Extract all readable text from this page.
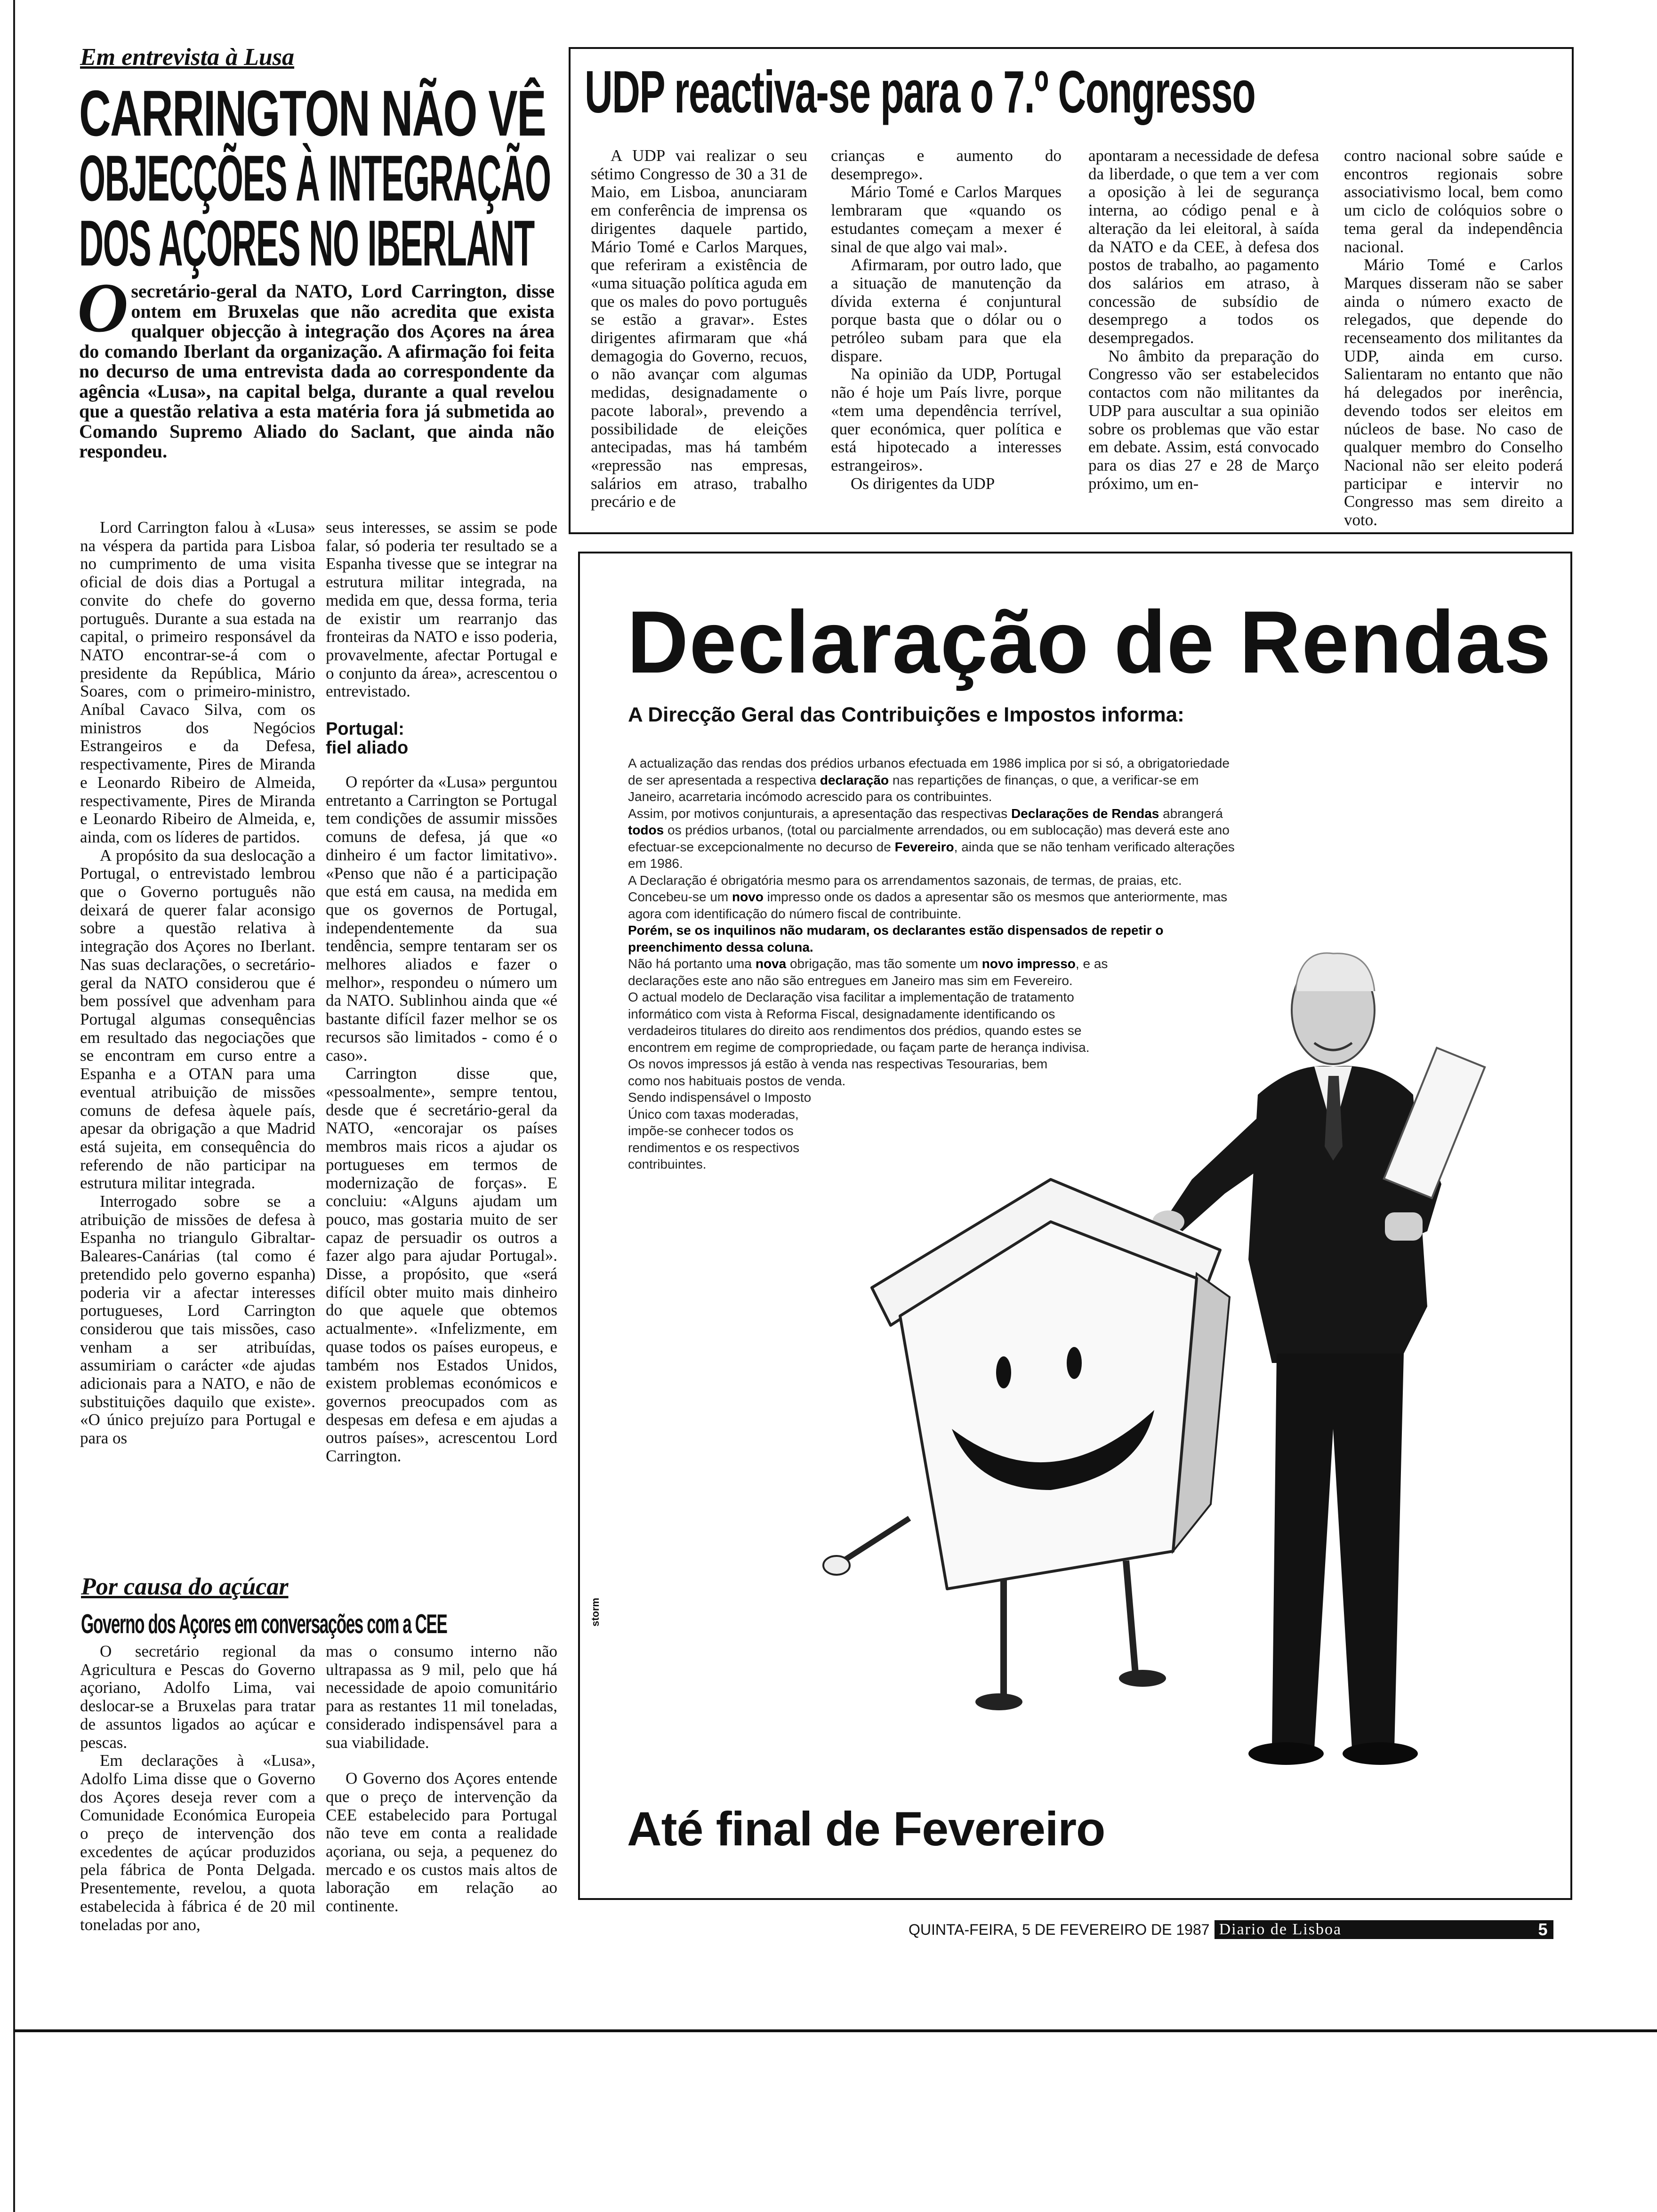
Em entrevista à Lusa
CARRINGTON NÃO VÊ
OBJECÇÕES À INTEGRAÇÃO
DOS AÇORES NO IBERLANT
O secretário-geral da NATO, Lord Carrington, disse ontem em Bruxelas que não acredita que exista qualquer objecção à integração dos Açores na área do comando Iberlant da organização. A afirmação foi feita no decurso de uma entrevista dada ao correspondente da agência «Lusa», na capital belga, durante a qual revelou que a questão relativa a esta matéria fora já submetida ao Comando Supremo Aliado do Saclant, que ainda não respondeu.

Lord Carrington falou à «Lusa» na véspera da partida para Lisboa no cumprimento de uma visita oficial de dois dias a Portugal a convite do chefe do governo português. Durante a sua estada na capital, o primeiro responsável da NATO encontrar-se-á com o presidente da República, Mário Soares, com o primeiro-ministro, Aníbal Cavaco Silva, com os ministros dos Negócios Estrangeiros e da Defesa, respectivamente, Pires de Miranda e Leonardo Ribeiro de Almeida, respectivamente, Pires de Miranda e Leonardo Ribeiro de Almeida, e, ainda, com os líderes de partidos.

A propósito da sua deslocação a Portugal, o entrevistado lembrou que o Governo português não deixará de querer falar aconsigo sobre a questão relativa à integração dos Açores no Iberlant. Nas suas declarações, o secretário-geral da NATO considerou que é bem possível que advenham para Portugal algumas consequências em resultado das negociações que se encontram em curso entre a Espanha e a OTAN para uma eventual atribuição de missões comuns de defesa àquele país, apesar da obrigação a que Madrid está sujeita, em consequência do referendo de não participar na estrutura militar integrada.

Interrogado sobre se a atribuição de missões de defesa à Espanha no triangulo Gibraltar-Baleares-Canárias (tal como é pretendido pelo governo espanha) poderia vir a afectar interesses portugueses, Lord Carrington considerou que tais missões, caso venham a ser atribuídas, assumiriam o carácter «de ajudas adicionais para a NATO, e não de substituições daquilo que existe». «O único prejuízo para Portugal e para os

seus interesses, se assim se pode falar, só poderia ter resultado se a Espanha tivesse que se integrar na estrutura militar integrada, na medida em que, dessa forma, teria de existir um rearranjo das fronteiras da NATO e isso poderia, provavelmente, afectar Portugal e o conjunto da área», acrescentou o entrevistado.

Portugal:
fiel aliado

O repórter da «Lusa» perguntou entretanto a Carrington se Portugal tem condições de assumir missões comuns de defesa, já que «o dinheiro é um factor limitativo». «Penso que não é a participação que está em causa, na medida em que os governos de Portugal, independentemente da sua tendência, sempre tentaram ser os melhores aliados e fazer o melhor», respondeu o número um da NATO. Sublinhou ainda que «é bastante difícil fazer melhor se os recursos são limitados - como é o caso».

Carrington disse que, «pessoalmente», sempre tentou, desde que é secretário-geral da NATO, «encorajar os países membros mais ricos a ajudar os portugueses em termos de modernização de forças». E concluiu: «Alguns ajudam um pouco, mas gostaria muito de ser capaz de persuadir os outros a fazer algo para ajudar Portugal». Disse, a propósito, que «será difícil obter muito mais dinheiro do que aquele que obtemos actualmente». «Infelizmente, em quase todos os países europeus, e também nos Estados Unidos, existem problemas económicos e governos preocupados com as despesas em defesa e em ajudas a outros países», acrescentou Lord Carrington.

Por causa do açúcar
Governo dos Açores em conversações com a CEE

O secretário regional da Agricultura e Pescas do Governo açoriano, Adolfo Lima, vai deslocar-se a Bruxelas para tratar de assuntos ligados ao açúcar e pescas.

Em declarações à «Lusa», Adolfo Lima disse que o Governo dos Açores deseja rever com a Comunidade Económica Europeia o preço de intervenção dos excedentes de açúcar produzidos pela fábrica de Ponta Delgada. Presentemente, revelou, a quota estabelecida à fábrica é de 20 mil toneladas por ano,

mas o consumo interno não ultrapassa as 9 mil, pelo que há necessidade de apoio comunitário para as restantes 11 mil toneladas, considerado indispensável para a sua viabilidade.

O Governo dos Açores entende que o preço de intervenção da CEE estabelecido para Portugal não teve em conta a realidade açoriana, ou seja, a pequenez do mercado e os custos mais altos de laboração em relação ao continente.

UDP reactiva-se para o 7.º Congresso

A UDP vai realizar o seu sétimo Congresso de 30 a 31 de Maio, em Lisboa, anunciaram em conferência de imprensa os dirigentes daquele partido, Mário Tomé e Carlos Marques, que referiram a existência de «uma situação política aguda em que os males do povo português se estão a gravar». Estes dirigentes afirmaram que «há demagogia do Governo, recuos, o não avançar com algumas medidas, designadamente o pacote laboral», prevendo a possibilidade de eleições antecipadas, mas há também «repressão nas empresas, salários em atraso, trabalho precário e de

crianças e aumento do desemprego».

Mário Tomé e Carlos Marques lembraram que «quando os estudantes começam a mexer é sinal de que algo vai mal».

Afirmaram, por outro lado, que a situação de manutenção da dívida externa é conjuntural porque basta que o dólar ou o petróleo subam para que ela dispare.

Na opinião da UDP, Portugal não é hoje um País livre, porque «tem uma dependência terrível, quer económica, quer política e está hipotecado a interesses estrangeiros».

Os dirigentes da UDP

apontaram a necessidade de defesa da liberdade, o que tem a ver com a oposição à lei de segurança interna, ao código penal e à alteração da lei eleitoral, à saída da NATO e da CEE, à defesa dos postos de trabalho, ao pagamento dos salários em atraso, à concessão de subsídio de desemprego a todos os desempregados.

No âmbito da preparação do Congresso vão ser estabelecidos contactos com não militantes da UDP para auscultar a sua opinião sobre os problemas que vão estar em debate. Assim, está convocado para os dias 27 e 28 de Março próximo, um en-

contro nacional sobre saúde e encontros regionais sobre associativismo local, bem como um ciclo de colóquios sobre o tema geral da independência nacional.

Mário Tomé e Carlos Marques disseram não se saber ainda o número exacto de relegados, que depende do recenseamento dos militantes da UDP, ainda em curso. Salientaram no entanto que não há delegados por inerência, devendo todos ser eleitos em núcleos de base. No caso de qualquer membro do Conselho Nacional não ser eleito poderá participar e intervir no Congresso mas sem direito a voto.

Declaração de Rendas
A Direcção Geral das Contribuições e Impostos informa:

A actualização das rendas dos prédios urbanos efectuada em 1986 implica por si só, a obrigatoriedade de ser apresentada a respectiva declaração nas repartições de finanças, o que, a verificar-se em Janeiro, acarretaria incómodo acrescido para os contribuintes.

Assim, por motivos conjunturais, a apresentação das respectivas Declarações de Rendas abrangerá todos os prédios urbanos, (total ou parcialmente arrendados, ou em sublocação) mas deverá este ano efectuar-se excepcionalmente no decurso de Fevereiro, ainda que se não tenham verificado alterações em 1986.

A Declaração é obrigatória mesmo para os arrendamentos sazonais, de termas, de praias, etc.

Concebeu-se um novo impresso onde os dados a apresentar são os mesmos que anteriormente, mas agora com identificação do número fiscal de contribuinte.

Porém, se os inquilinos não mudaram, os declarantes estão dispensados de repetir o preenchimento dessa coluna.

Não há portanto uma nova obrigação, mas tão somente um novo impresso, e as declarações este ano não são entregues em Janeiro mas sim em Fevereiro.

O actual modelo de Declaração visa facilitar a implementação de tratamento informático com vista à Reforma Fiscal, designadamente identificando os verdadeiros titulares do direito aos rendimentos dos prédios, quando estes se encontrem em regime de compropriedade, ou façam parte de herança indivisa.

Os novos impressos já estão à venda nas respectivas Tesourarias, bem como nos habituais postos de venda.

Sendo indispensável o Imposto Único com taxas moderadas, impõe-se conhecer todos os rendimentos e os respectivos contribuintes.

storm
Até final de Fevereiro
QUINTA-FEIRA, 5 DE FEVEREIRO DE 1987 Diario de Lisboa	5
